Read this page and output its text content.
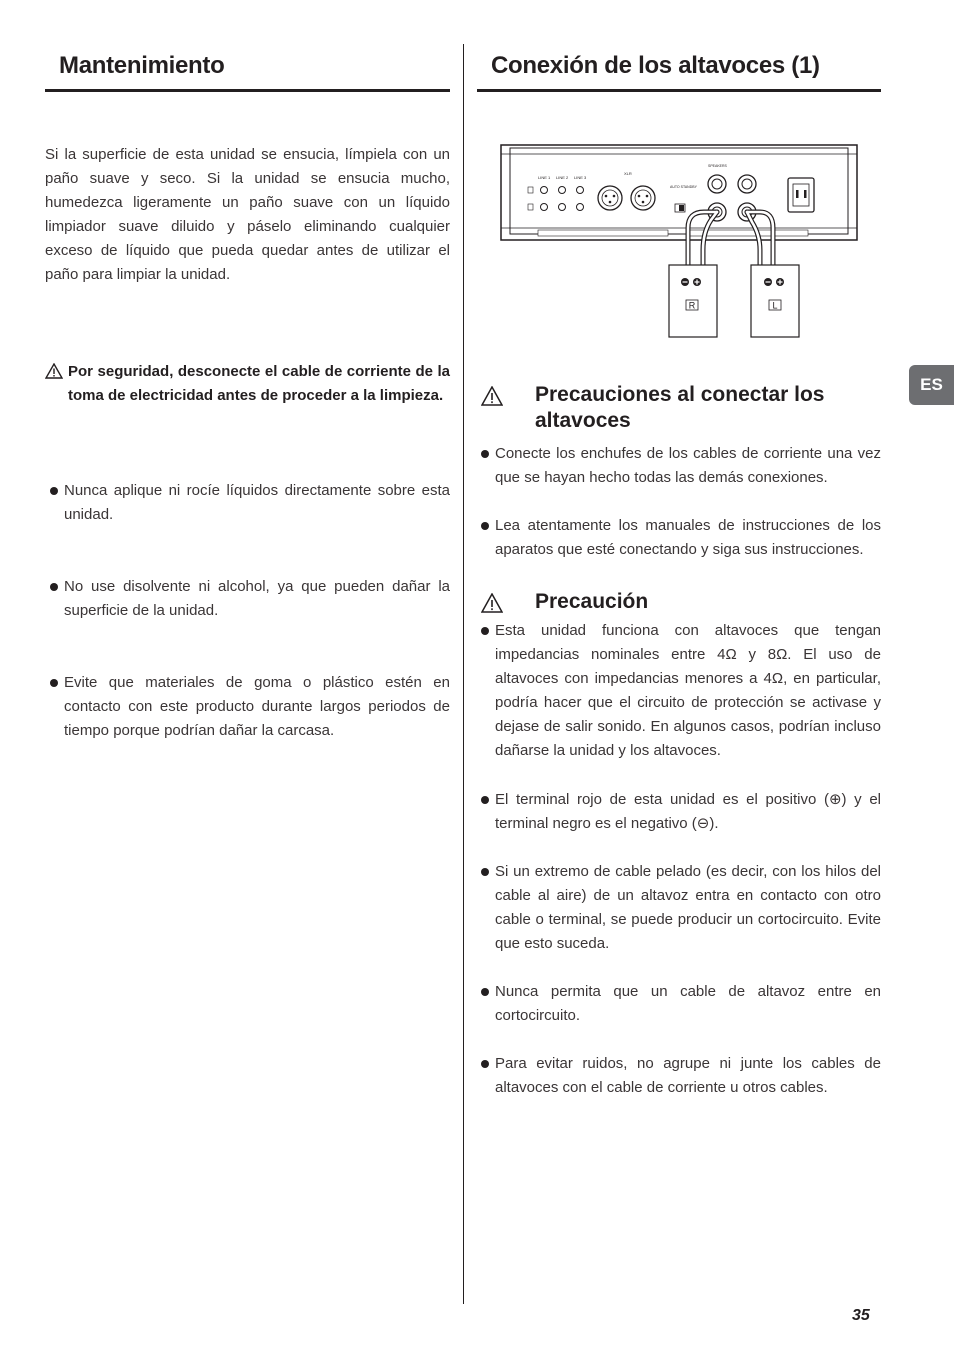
Mantenimiento

Si la superficie de esta unidad se ensucia, límpiela con un paño suave y seco. Si la unidad se ensucia mucho, humedezca ligeramente un paño suave con un líquido limpiador suave diluido y páselo eliminando cualquier exceso de líquido que pueda quedar antes de utilizar el paño para limpiar la unidad.

Por seguridad, desconecte el cable de corriente de la toma de electricidad antes de proceder a la limpieza.
Nunca aplique ni rocíe líquidos directamente sobre esta unidad.
No use disolvente ni alcohol, ya que pueden dañar la superficie de la unidad.
Evite que materiales de goma o plástico estén en contacto con este producto durante largos periodos de tiempo porque podrían dañar la carcasa.
Conexión de los altavoces (1)
LINE 1 LINE 2 LINE 3
XLR
AUTO STANDBY
SPEAKERS
R	L
Precauciones al conectar los altavoces
Conecte los enchufes de los cables de corriente una vez que se hayan hecho todas las demás conexiones.
Lea atentamente los manuales de instrucciones de los aparatos que esté conectando y siga sus instrucciones.
Precaución
Esta unidad funciona con altavoces que tengan impedancias nominales entre 4Ω y 8Ω. El uso de altavoces con impedancias menores a 4Ω, en particular, podría hacer que el circuito de protección se activase y dejase de salir sonido. En algunos casos, podrían incluso dañarse la unidad y los altavoces.
El terminal rojo de esta unidad es el positivo (⊕) y el terminal negro es el negativo (⊖).
Si un extremo de cable pelado (es decir, con los hilos del cable al aire) de un altavoz entra en contacto con otro cable o terminal, se puede producir un cortocircuito. Evite que esto suceda.
Nunca permita que un cable de altavoz entre en cortocircuito.
Para evitar ruidos, no agrupe ni junte los cables de altavoces con el cable de corriente u otros cables.
ES
35
